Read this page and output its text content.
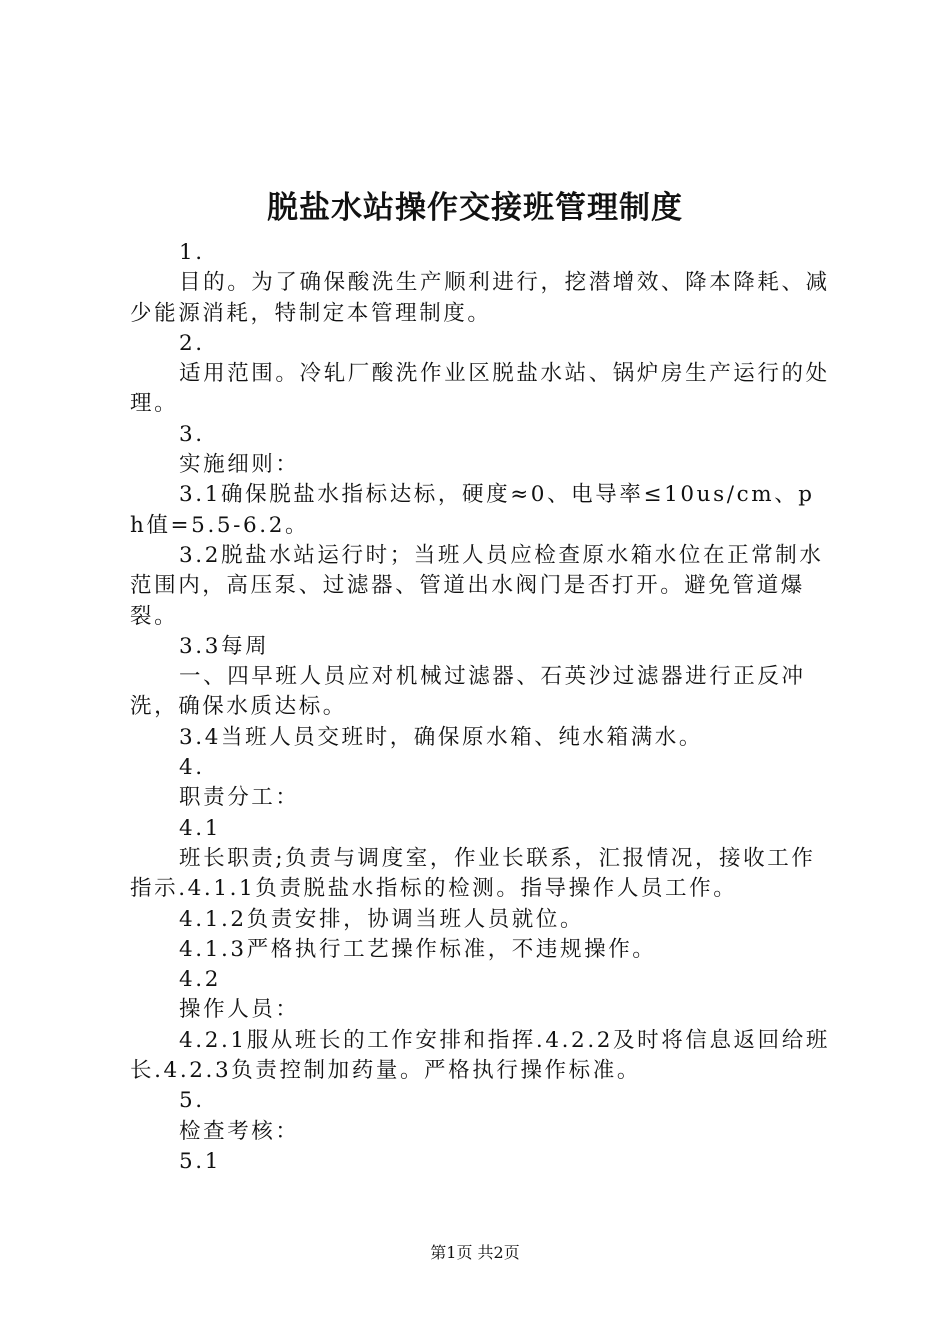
脱盐水站操作交接班管理制度

1.

目的。为了确保酸洗生产顺利进行，挖潜增效、降本降耗、减少能源消耗，特制定本管理制度。

2.

适用范围。冷轧厂酸洗作业区脱盐水站、锅炉房生产运行的处理。

3.

实施细则：

3.1确保脱盐水指标达标，硬度≈0、电导率≤10us/cm、ph值=5.5-6.2。

3.2脱盐水站运行时；当班人员应检查原水箱水位在正常制水范围内，高压泵、过滤器、管道出水阀门是否打开。避免管道爆裂。

3.3每周

一、四早班人员应对机械过滤器、石英沙过滤器进行正反冲洗，确保水质达标。

3.4当班人员交班时，确保原水箱、纯水箱满水。

4.

职责分工：

4.1

班长职责;负责与调度室，作业长联系，汇报情况，接收工作指示.4.1.1负责脱盐水指标的检测。指导操作人员工作。

4.1.2负责安排，协调当班人员就位。

4.1.3严格执行工艺操作标准，不违规操作。

4.2

操作人员：

4.2.1服从班长的工作安排和指挥.4.2.2及时将信息返回给班长.4.2.3负责控制加药量。严格执行操作标准。

5.

检查考核：

5.1

第1页 共2页
